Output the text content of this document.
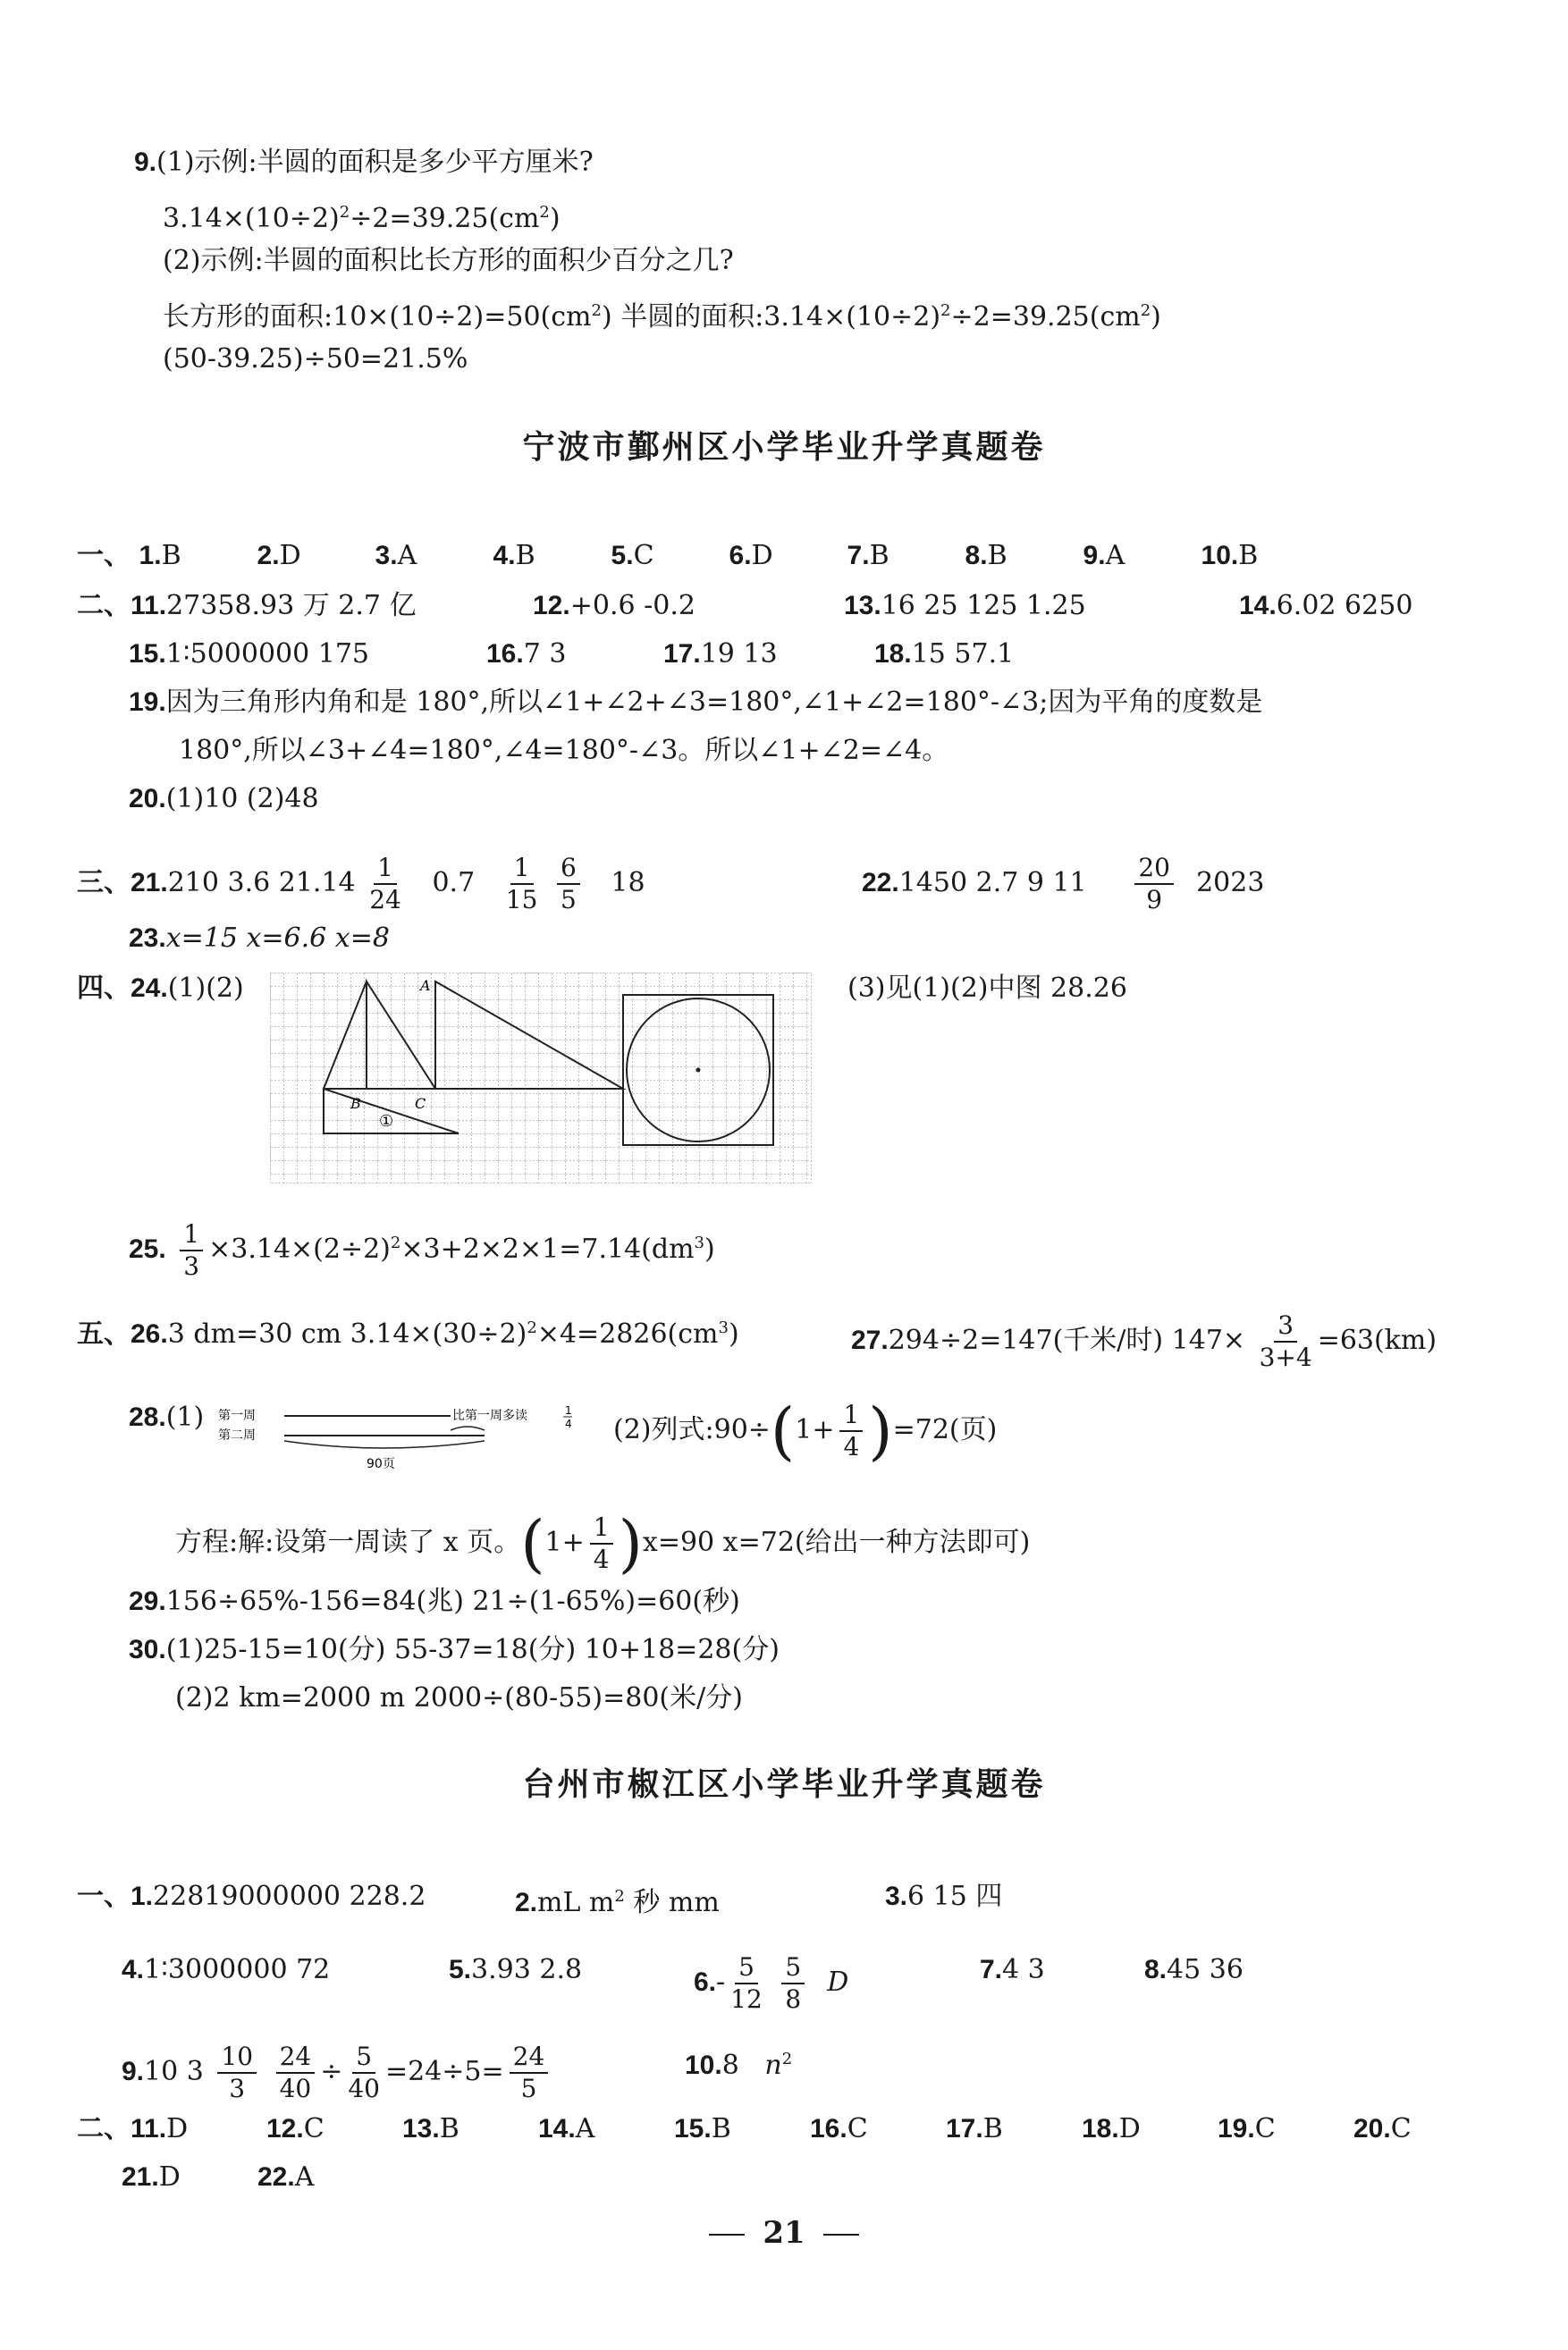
9.(1)示例:半圆的面积是多少平方厘米?
$3.14\times(10\div 2)^2\div 2=39.25(cm^2)$
(2)示例:半圆的面积比长方形的面积少百分之几?
长方形的面积$:10\times(10\div 2)=50(cm^2)$ 半圆的面积$:3.14\times(10\div 2)^2\div 2=39.25(cm^2)$
(50-39.25)÷50=21.5%
宁波市鄞州区小学毕业升学真题卷
一、 1.B	2.D	3.A	4.B	5.C	6.D	7.B	8.B	9.A	10.B
二、11.27358.93 万 2.7 亿	12.+0.6 -0.2	13.16 25 125 1.25	14.6.02 6250
15.1∶5000000 175	16.7 3	17.19 13	18.15 57.1
19.因为三角形内角和是 180°,所以∠1+∠2+∠3=180°,∠1+∠2=180°-∠3;因为平角的度数是
180°,所以∠3+∠4=180°,∠4=180°-∠3。所以∠1+∠2=∠4。
20.(1)10 (2)48
三、21.210 3.6 $21.14 \frac{1}{24} 0.7 \frac{1}{15}$
$\frac{6}{5} 18$	22.1450 2.7 9 $11 \frac{20}{9} 2023$
23.x=15 x=6.6 x=8
四、24.(1)(2)	(3)见(1)(2)中图 28.26
A
B	C
①
25. $\frac{1}{3} \times 3.14\times(2\div 2)^2\times 3+2\times 2\times 1=7.14(dm^3)$
五、26.3 dm=30 cm $3.14\times(30\div 2)^2\times 4=2826(cm^3)$	27.294÷2=147(千米/时) $147\times \frac{3}{3+4} =63(km)$
28.(1) 第一周
第二周
比第一周多读	1
4
90页
(2)列式:90÷(1+ $\frac{1}{4} )=72$(页)
方程:解:设第一周读了 x 页。$(1+ \frac{1}{4} )x=90$ x=72(给出一种方法即可)
29.156÷65%-156=84(兆) 21÷(1-65%)=60(秒)
30.(1)25-15=10(分) 55-37=18(分) 10+18=28(分)
(2)2 km=2000 m 2000÷(80-55)=80(米/分)
台州市椒江区小学毕业升学真题卷
一、1.22819000000 228.2	2.mL $m^2$ 秒 mm	3.6 15 四
4.1∶3000000 72	5.3.93 2.8	$6.- \frac{5}{12}$
$\frac{5}{8}$ D	7.4 3	8.45 36
9.10 $3 \frac{10}{3}$
$\frac{24}{40} \div \frac{5}{40} =24\div 5= \frac{24}{5}$	10.8 $n^2$
二、11.D	12.C	13.B	14.A	15.B	16.C	17.B	18.D	19.C	20.C
21.D	22.A
21
